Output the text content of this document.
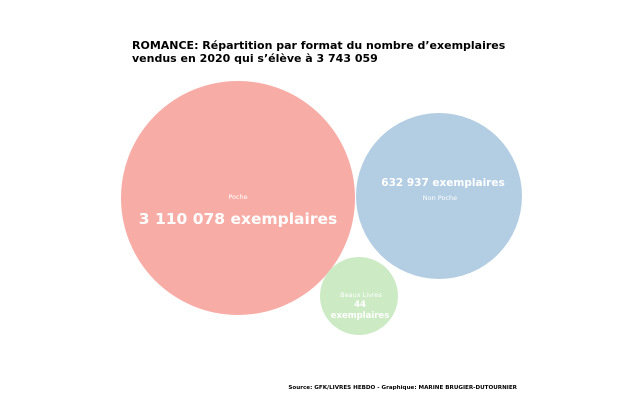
ROMANCE: Répartition par format du nombre d’exemplaires
vendus en 2020 qui s’élève à 3 743 059
Poche
3 110 078 exemplaires
632 937 exemplaires
Non Poche
Beaux Livres
44
exemplaires
Source: GFK/LIVRES HEBDO - Graphique: MARINE BRUGIER-DUTOURNIER
